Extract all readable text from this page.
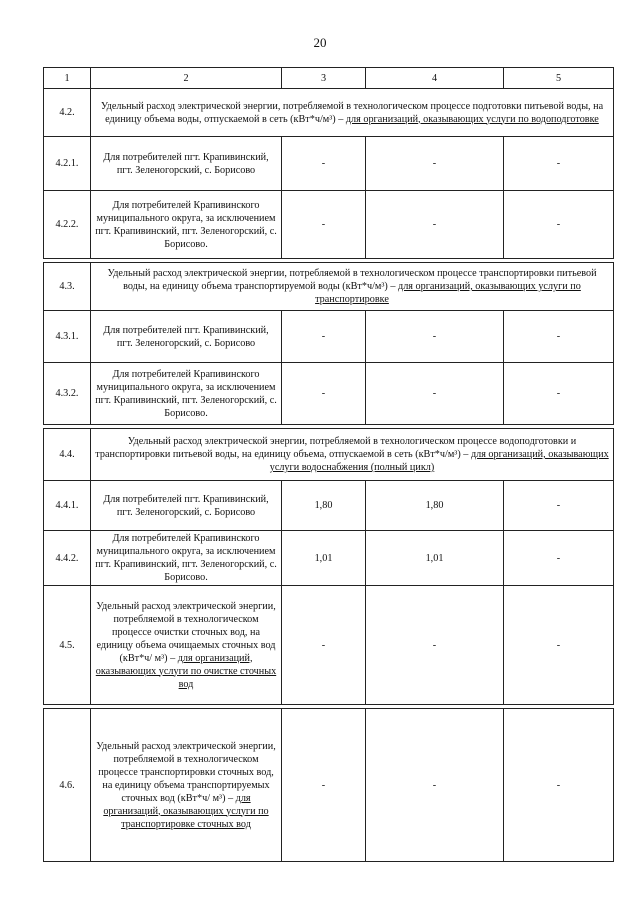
20
1	2	3	4	5
4.2.	Удельный расход электрической энергии, потребляемой в технологическом процессе подготовки питьевой воды, на единицу объема воды, отпускаемой в сеть (кВт*ч/м³) – для организаций, оказывающих услуги по водоподготовке			
4.2.1.	Для потребителей пгт. Крапивинский, пгт. Зеленогорский, с. Борисово	-	-	-
4.2.2.	Для потребителей Крапивинского муниципального округа, за исключением пгт. Крапивинский, пгт. Зеленогорский, с. Борисово.	-	-	-

4.3.	Удельный расход электрической энергии, потребляемой в технологическом процессе транспортировки питьевой воды, на единицу объема транспортируемой воды (кВт*ч/м³) – для организаций, оказывающих услуги по транспортировке			
4.3.1.	Для потребителей пгт. Крапивинский, пгт. Зеленогорский, с. Борисово	-	-	-
4.3.2.	Для потребителей Крапивинского муниципального округа, за исключением пгт. Крапивинский, пгт. Зеленогорский, с. Борисово.	-	-	-

4.4.	Удельный расход электрической энергии, потребляемой в технологическом процессе водоподготовки и транспортировки питьевой воды, на единицу объема, отпускаемой в сеть (кВт*ч/м³) – для организаций, оказывающих услуги водоснабжения (полный цикл)			
4.4.1.	Для потребителей пгт. Крапивинский, пгт. Зеленогорский, с. Борисово	1,80	1,80	-
4.4.2.	Для потребителей Крапивинского муниципального округа, за исключением пгт. Крапивинский, пгт. Зеленогорский, с. Борисово.	1,01	1,01	-
4.5.	Удельный расход электрической энергии, потребляемой в технологическом процессе очистки сточных вод, на единицу объема очищаемых сточных вод (кВт*ч/ м³) – для организаций, оказывающих услуги по очистке сточных вод	-	-	-

4.6.	Удельный расход электрической энергии, потребляемой в технологическом процессе транспортировки сточных вод, на единицу объема транспортируемых сточных вод (кВт*ч/ м³) – для организаций, оказывающих услуги по транспортировке сточных вод	-	-	-
